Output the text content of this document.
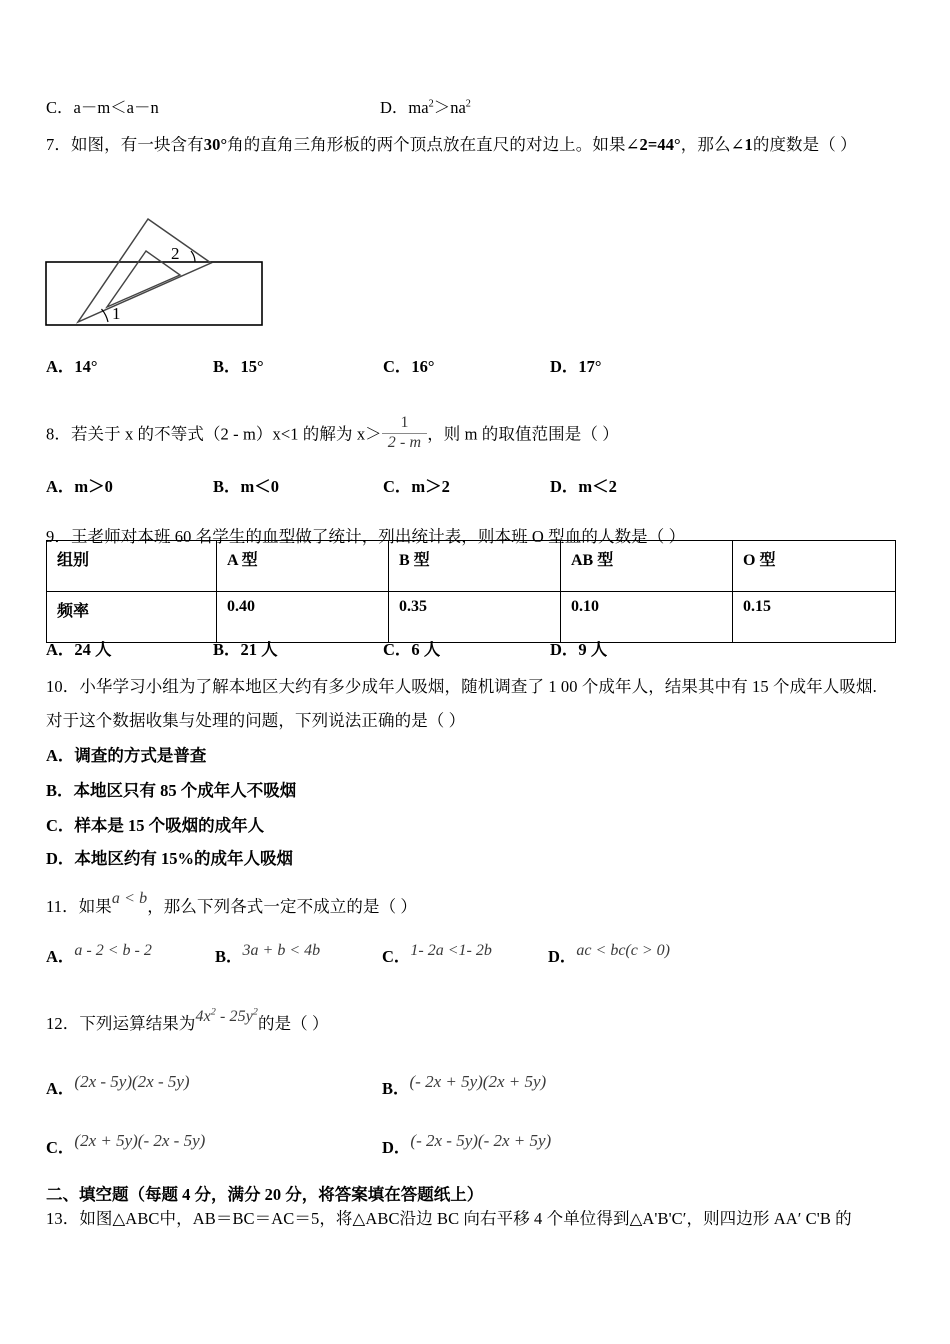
C．a－m＜a－n	D．$ma^2>na^2$
7．如图，有一块含有30°角的直角三角形板的两个顶点放在直尺的对边上。如果∠2=44°，那么∠1的度数是（ ）
1
2
A．14°	B．15°	C．16°	D．17°
8．若关于 x 的不等式（2 - m）x<1 的解为 $x> \frac{1}{2 - m}$ ，则 m 的取值范围是（ ）
A．m＞0	B．m＜0	C．m＞2	D．m＜2
9．王老师对本班 60 名学生的血型做了统计，列出统计表，则本班 O 型血的人数是（ ）
组别	A 型	B 型	AB 型	O 型
频率	0.40	0.35	0.10	0.15
A．24 人	B．21 人	C．6 人	D．9 人
10．小华学习小组为了解本地区大约有多少成年人吸烟，随机调查了 1 00 个成年人，结果其中有 15 个成年人吸烟.
对于这个数据收集与处理的问题，下列说法正确的是（ ）
A．调查的方式是普查
B．本地区只有 85 个成年人不吸烟
C．样本是 15 个吸烟的成年人
D．本地区约有 15%的成年人吸烟
11．如果a < b，那么下列各式一定不成立的是（ ）
A．a - 2 < b - 2	B．3a + b < 4b	C．1- 2a <1- 2b	D．ac < bc(c > 0)
12．下列运算结果为$4x^2 - 25y^2$的是（ ）
A．(2x - 5y)(2x - 5y)	B．(- 2x + 5y)(2x + 5y)
C．(2x + 5y)(- 2x - 5y)	D．(- 2x - 5y)(- 2x + 5y)
二、填空题（每题 4 分，满分 20 分，将答案填在答题纸上）
13．如图△ABC中，AB＝BC＝AC＝5，将△ABC沿边 BC 向右平移 4 个单位得到△A'B'C′，则四边形 AA′ C'B 的
